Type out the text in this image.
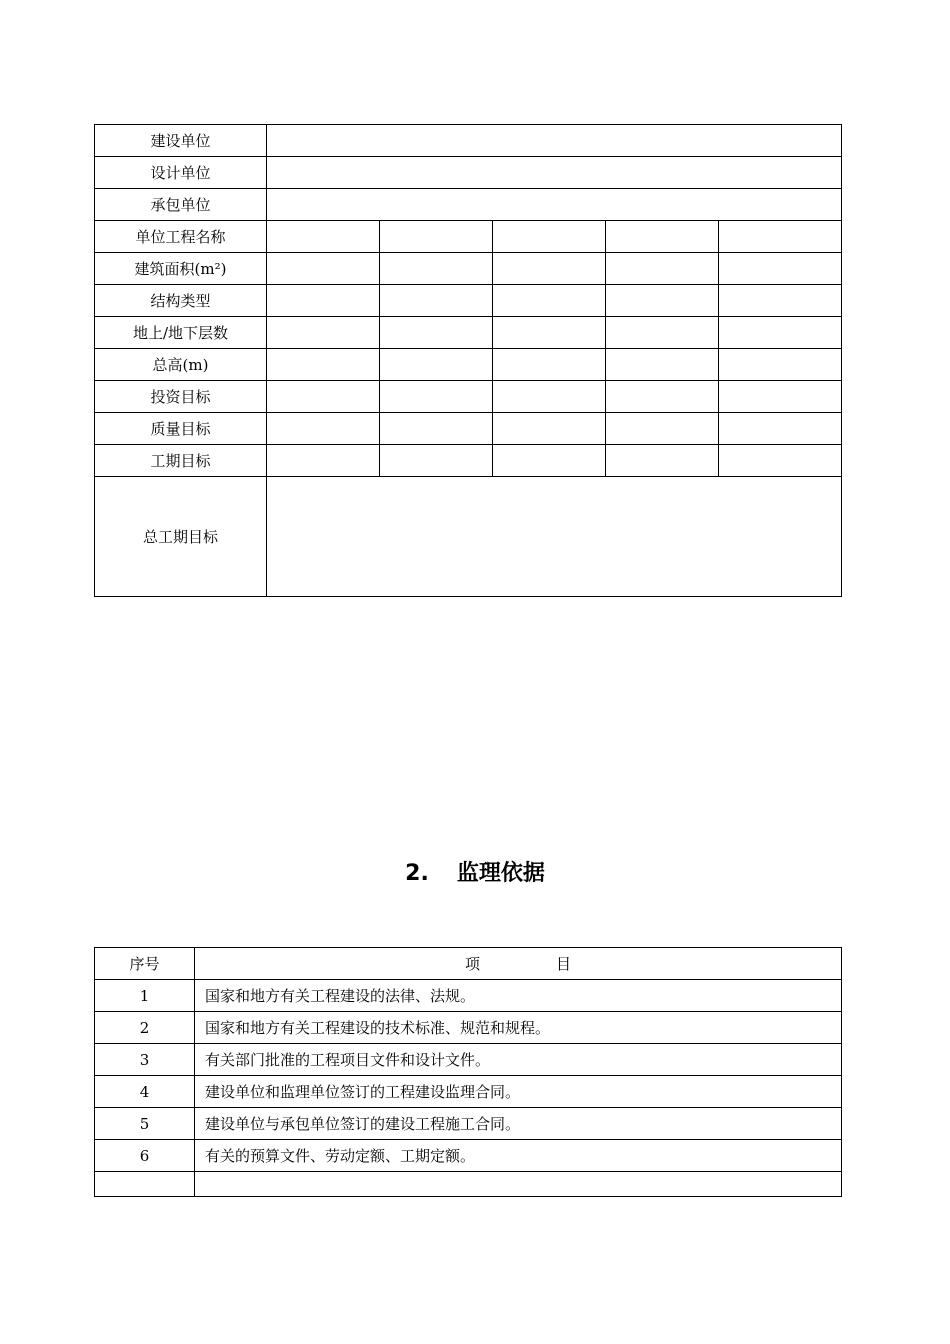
建设单位					
设计单位					
承包单位					
单位工程名称					
建筑面积(m²)					
结构类型					
地上/地下层数					
总高(m)					
投资目标					
质量目标					
工期目标					
总工期目标					
2. 监理依据
序号	项 目
1	国家和地方有关工程建设的法律、法规。
2	国家和地方有关工程建设的技术标准、规范和规程。
3	有关部门批准的工程项目文件和设计文件。
4	建设单位和监理单位签订的工程建设监理合同。
5	建设单位与承包单位签订的建设工程施工合同。
6	有关的预算文件、劳动定额、工期定额。
